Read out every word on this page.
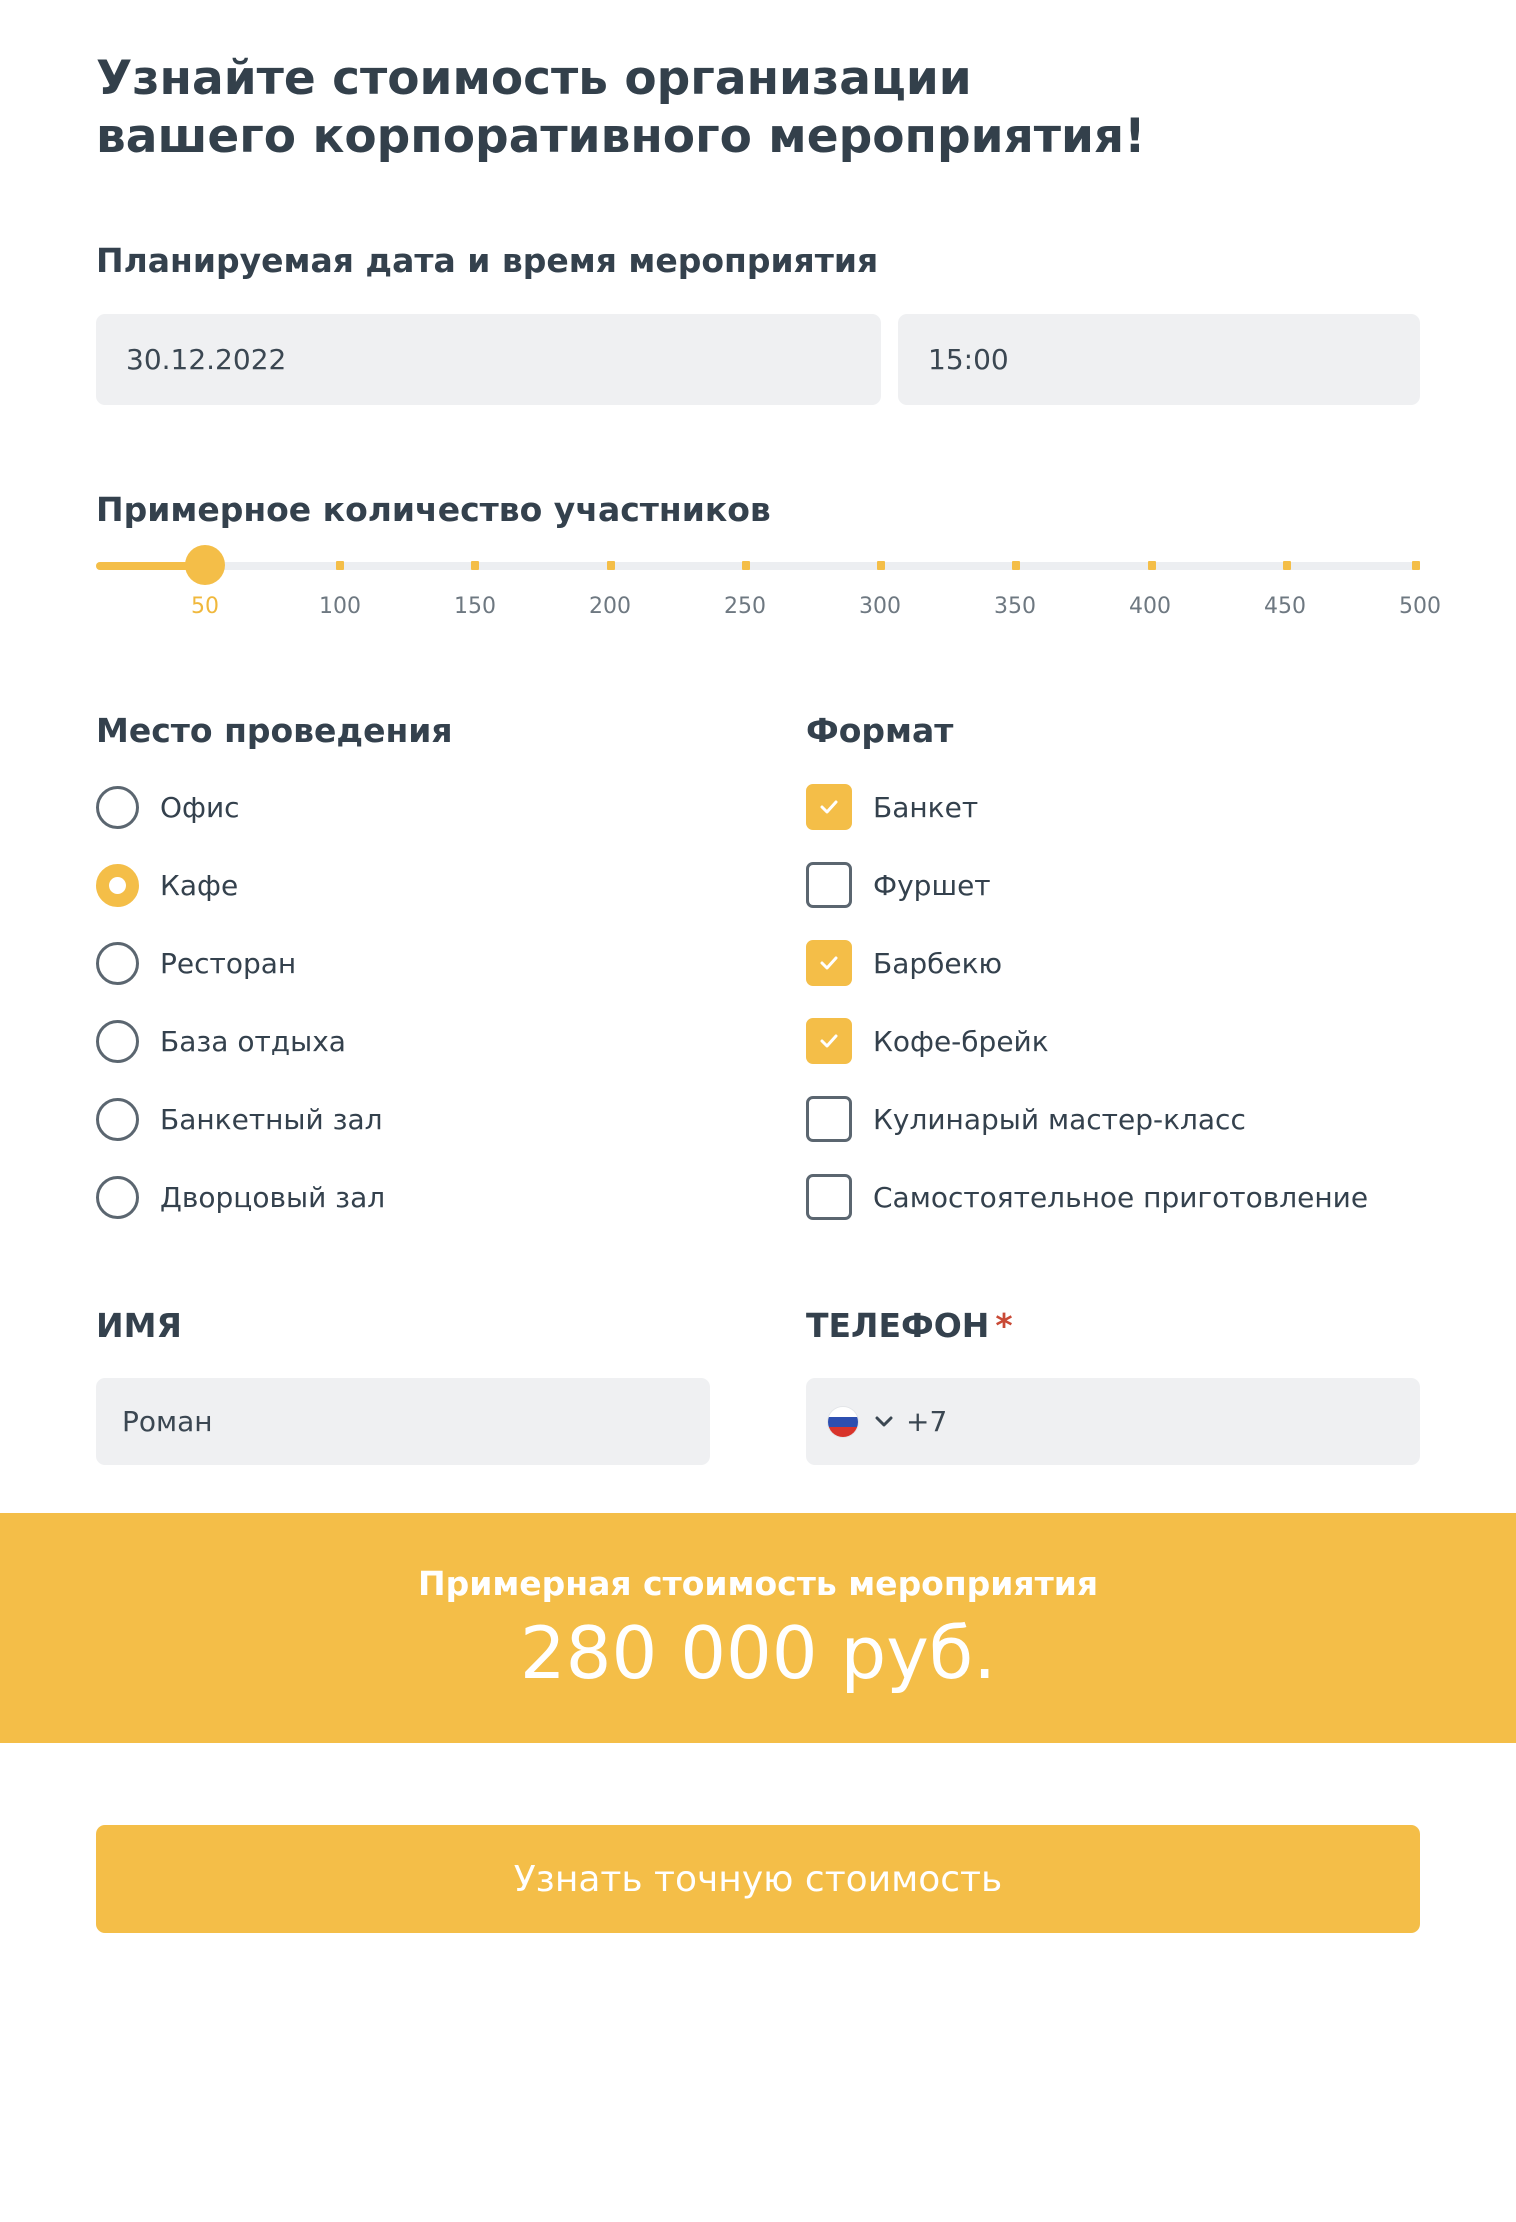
Узнайте стоимость организации
вашего корпоративного мероприятия!
Планируемая дата и время мероприятия
30.12.2022	15:00
Примерное количество участников
50	100	150	200	250	300	350	400	450	500
Место проведения
Офис
Кафе
Ресторан
База отдыха
Банкетный зал
Дворцовый зал
Формат
Банкет
Фуршет
Барбекю
Кофе-брейк
Кулинарый мастер-класс
Самостоятельное приготовление
ИМЯ
Роман
ТЕЛЕФОН *
+7
Примерная стоимость мероприятия
280 000 руб.
Узнать точную стоимость
